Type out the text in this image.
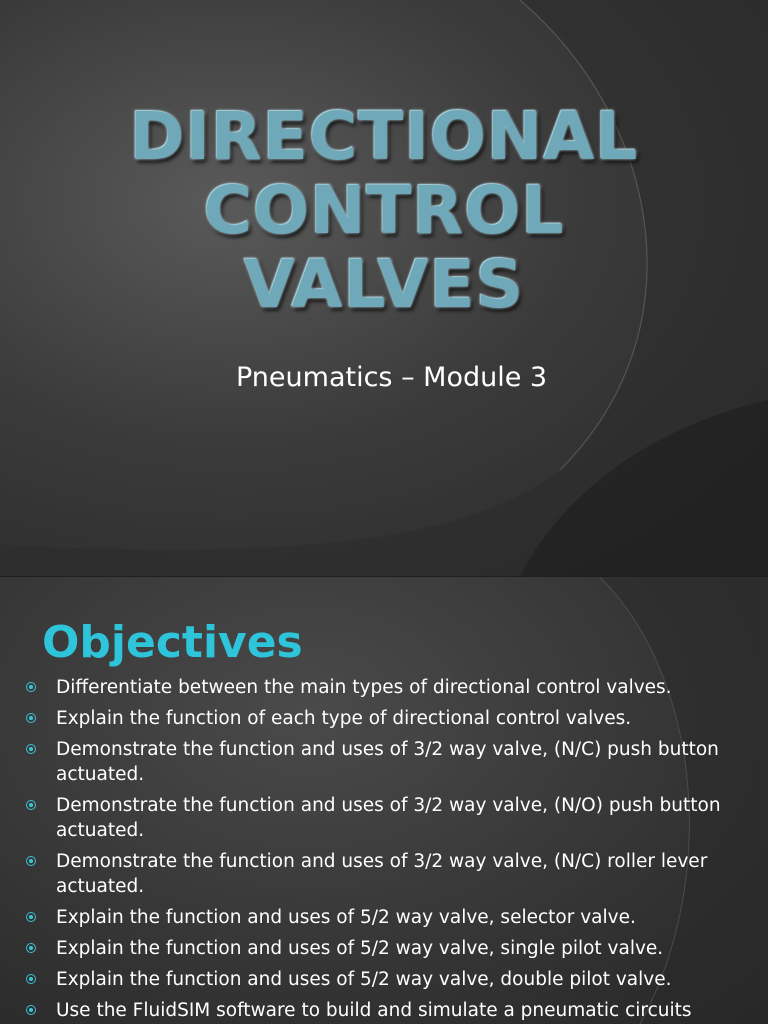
DIRECTIONAL
CONTROL
VALVES

Pneumatics – Module 3

Objectives
Differentiate between the main types of directional control valves.
Explain the function of each type of directional control valves.
Demonstrate the function and uses of 3/2 way valve, (N/C) push button actuated.
Demonstrate the function and uses of 3/2 way valve, (N/O) push button actuated.
Demonstrate the function and uses of 3/2 way valve, (N/C) roller lever actuated.
Explain the function and uses of 5/2 way valve, selector valve.
Explain the function and uses of 5/2 way valve, single pilot valve.
Explain the function and uses of 5/2 way valve, double pilot valve.
Use the FluidSIM software to build and simulate a pneumatic circuits
